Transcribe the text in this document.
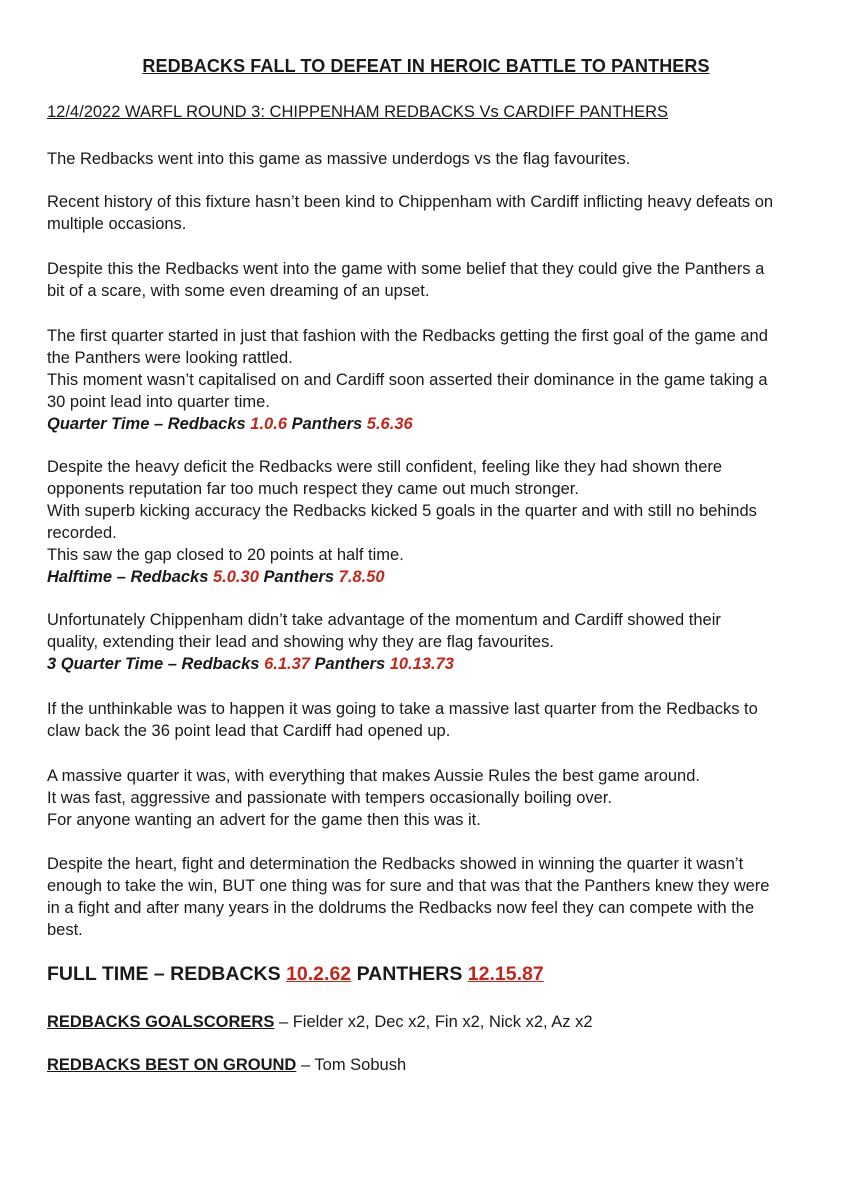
REDBACKS FALL TO DEFEAT IN HEROIC BATTLE TO PANTHERS
12/4/2022 WARFL ROUND 3: CHIPPENHAM REDBACKS Vs CARDIFF PANTHERS

The Redbacks went into this game as massive underdogs vs the flag favourites.

Recent history of this fixture hasn’t been kind to Chippenham with Cardiff inflicting heavy defeats on

multiple occasions.

Despite this the Redbacks went into the game with some belief that they could give the Panthers a

bit of a scare, with some even dreaming of an upset.

The first quarter started in just that fashion with the Redbacks getting the first goal of the game and

the Panthers were looking rattled.

This moment wasn’t capitalised on and Cardiff soon asserted their dominance in the game taking a

30 point lead into quarter time.

Quarter Time – Redbacks 1.0.6 Panthers 5.6.36

Despite the heavy deficit the Redbacks were still confident, feeling like they had shown there

opponents reputation far too much respect they came out much stronger.

With superb kicking accuracy the Redbacks kicked 5 goals in the quarter and with still no behinds

recorded.

This saw the gap closed to 20 points at half time.

Halftime – Redbacks 5.0.30 Panthers 7.8.50

Unfortunately Chippenham didn’t take advantage of the momentum and Cardiff showed their

quality, extending their lead and showing why they are flag favourites.

3 Quarter Time – Redbacks 6.1.37 Panthers 10.13.73

If the unthinkable was to happen it was going to take a massive last quarter from the Redbacks to

claw back the 36 point lead that Cardiff had opened up.

A massive quarter it was, with everything that makes Aussie Rules the best game around.

It was fast, aggressive and passionate with tempers occasionally boiling over.

For anyone wanting an advert for the game then this was it.

Despite the heart, fight and determination the Redbacks showed in winning the quarter it wasn’t

enough to take the win, BUT one thing was for sure and that was that the Panthers knew they were

in a fight and after many years in the doldrums the Redbacks now feel they can compete with the

best.

FULL TIME – REDBACKS 10.2.62 PANTHERS 12.15.87
REDBACKS GOALSCORERS – Fielder x2, Dec x2, Fin x2, Nick x2, Az x2
REDBACKS BEST ON GROUND – Tom Sobush
